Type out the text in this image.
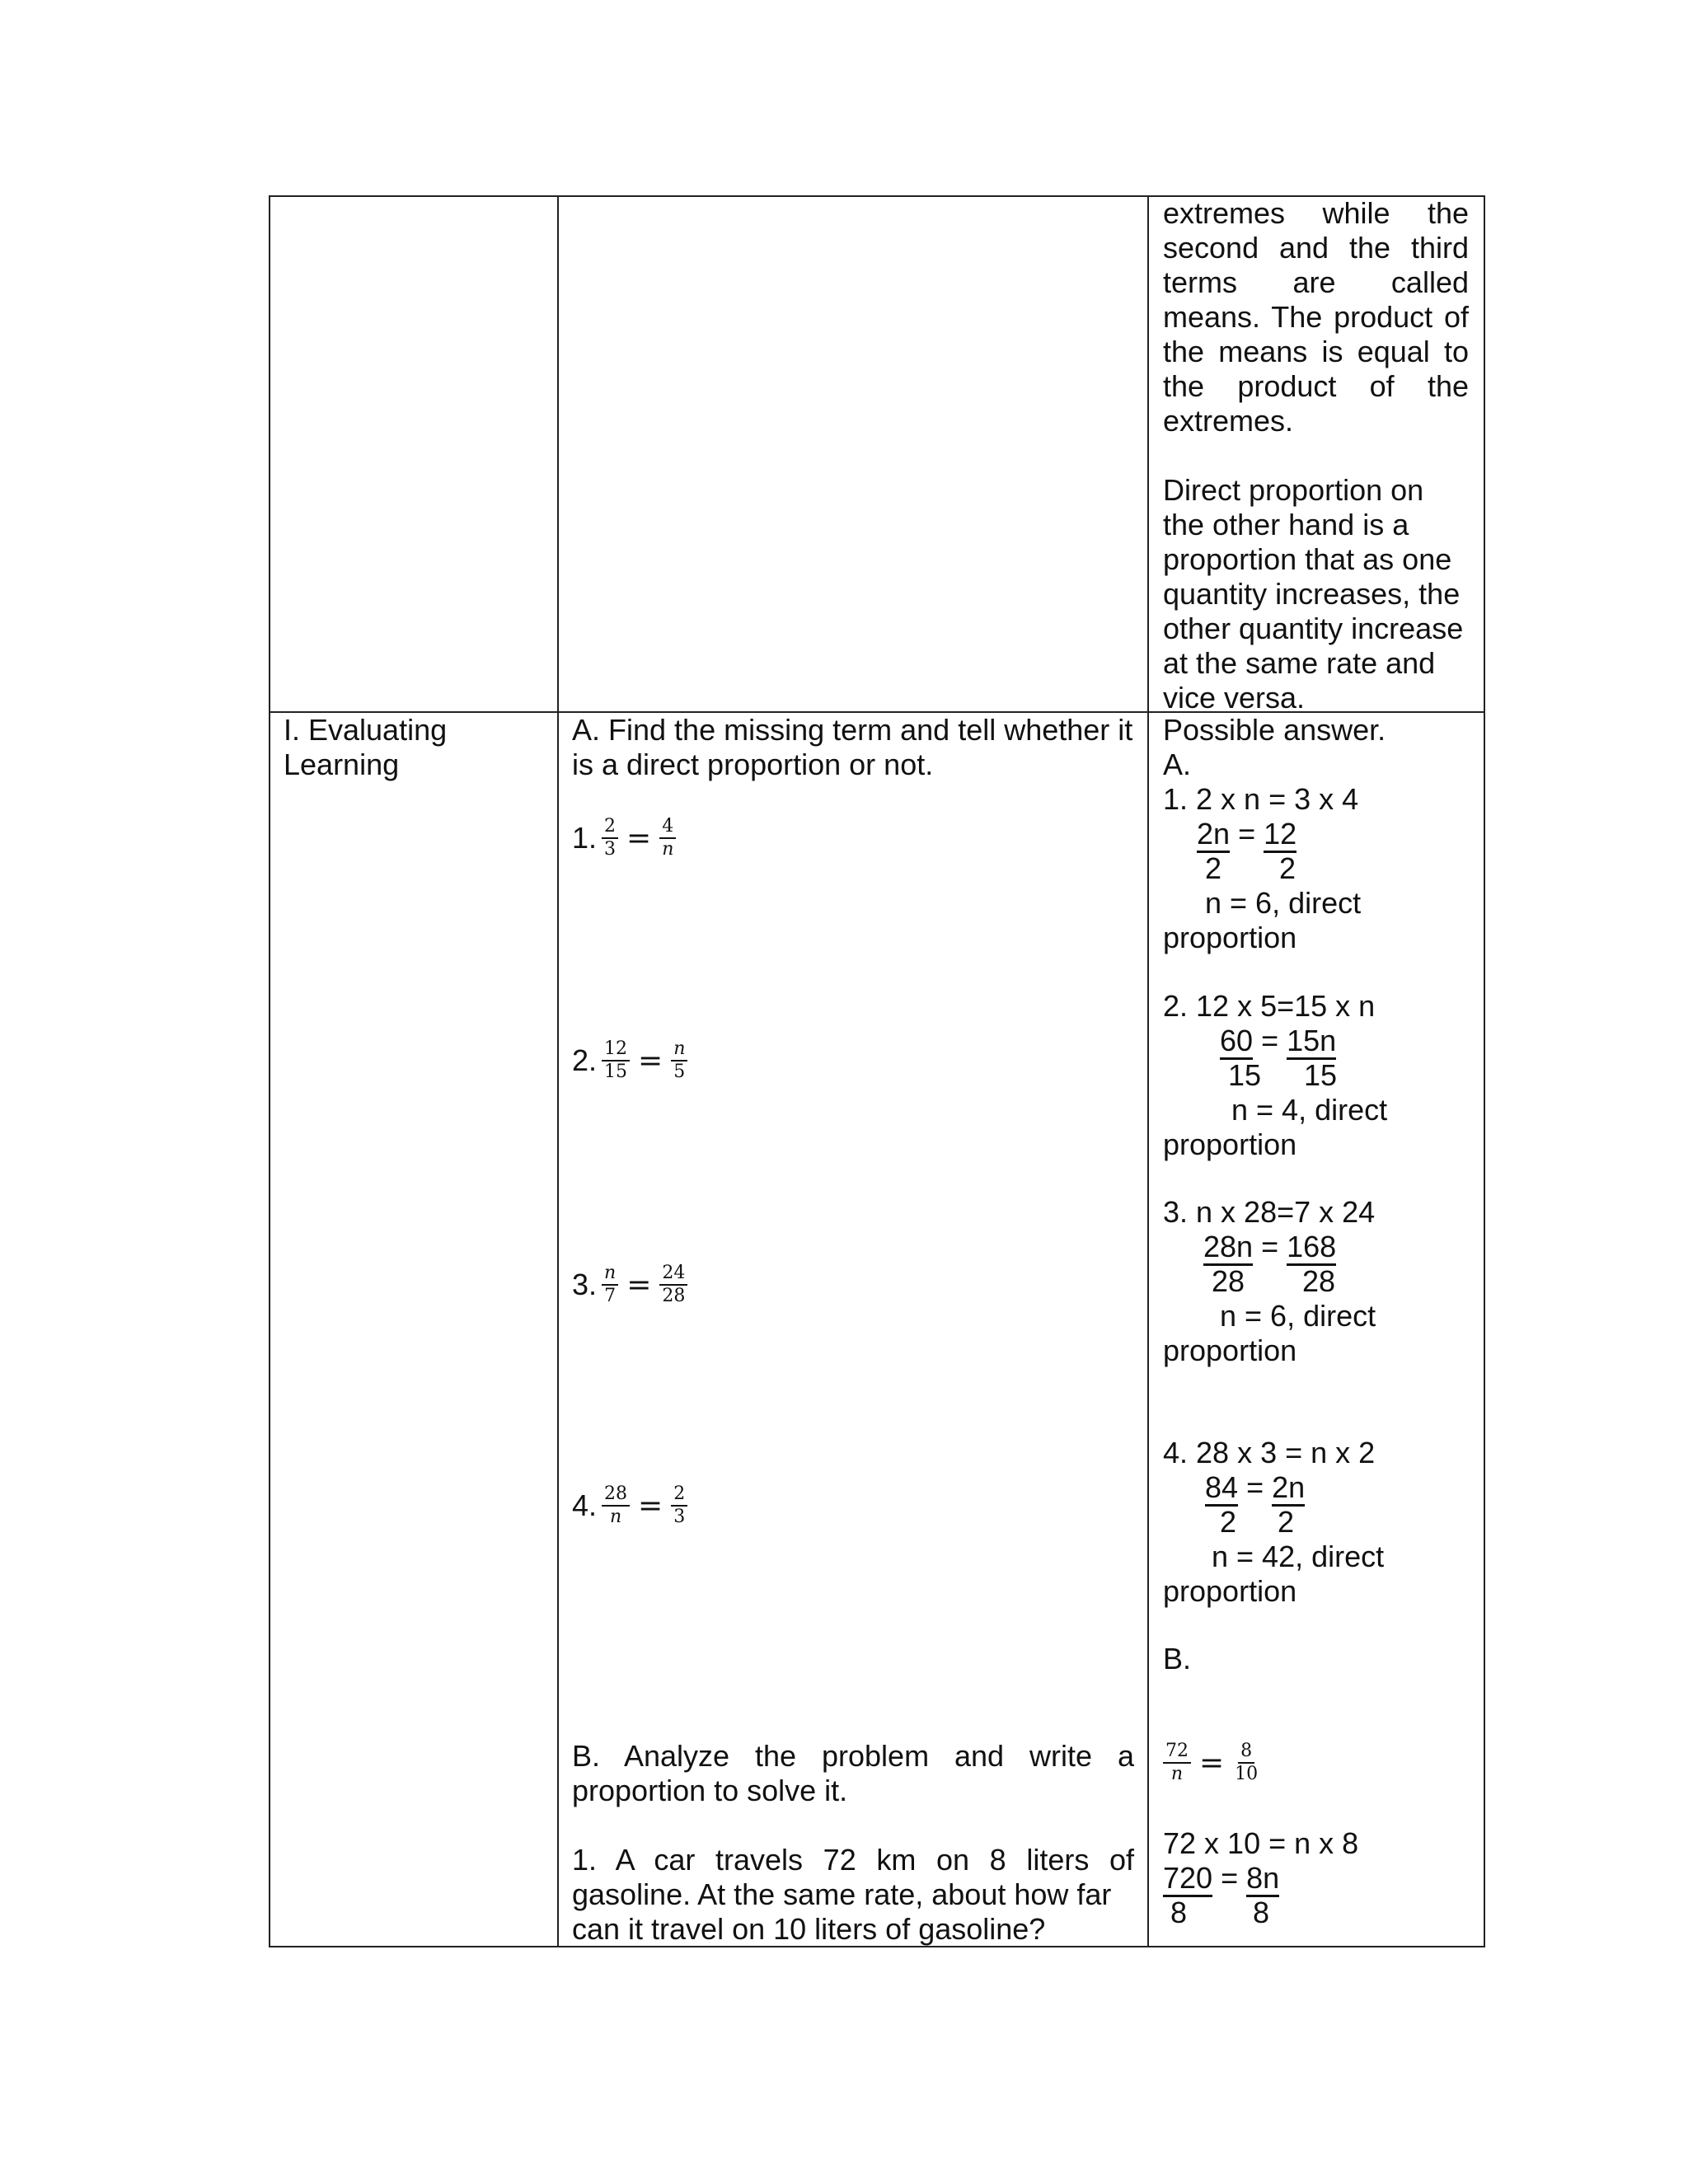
extremes while the
second and the third
terms are called
means. The product of
the means is equal to
the product of the
extremes.
Direct proportion on
the other hand is a
proportion that as one
quantity increases, the
other quantity increase
at the same rate and
vice versa.
I. Evaluating
Learning
A. Find the missing term and tell whether it
is a direct proportion or not.
1. $\frac{2}{3} = \frac{4}{n}$
2. $\frac{12}{15} = \frac{n}{5}$
3. $\frac{n}{7} = \frac{24}{28}$
4. $\frac{28}{n} = \frac{2}{3}$
B. Analyze the problem and write a
proportion to solve it.
1. A car travels 72 km on 8 liters of
gasoline. At the same rate, about how far
can it travel on 10 liters of gasoline?
Possible answer.
A.
1. 2 x n = 3 x 4
2n = 12
2 2
n = 6, direct
proportion
2. 12 x 5=15 x n
60 = 15n
15 15
n = 4, direct
proportion
3. n x 28=7 x 24
28n = 168
28 28
n = 6, direct
proportion
4. 28 x 3 = n x 2
84 = 2n
2 2
n = 42, direct
proportion
B.
$\frac{72}{n} = \frac{8}{10}$
72 x 10 = n x 8
720 = 8n
8 8
